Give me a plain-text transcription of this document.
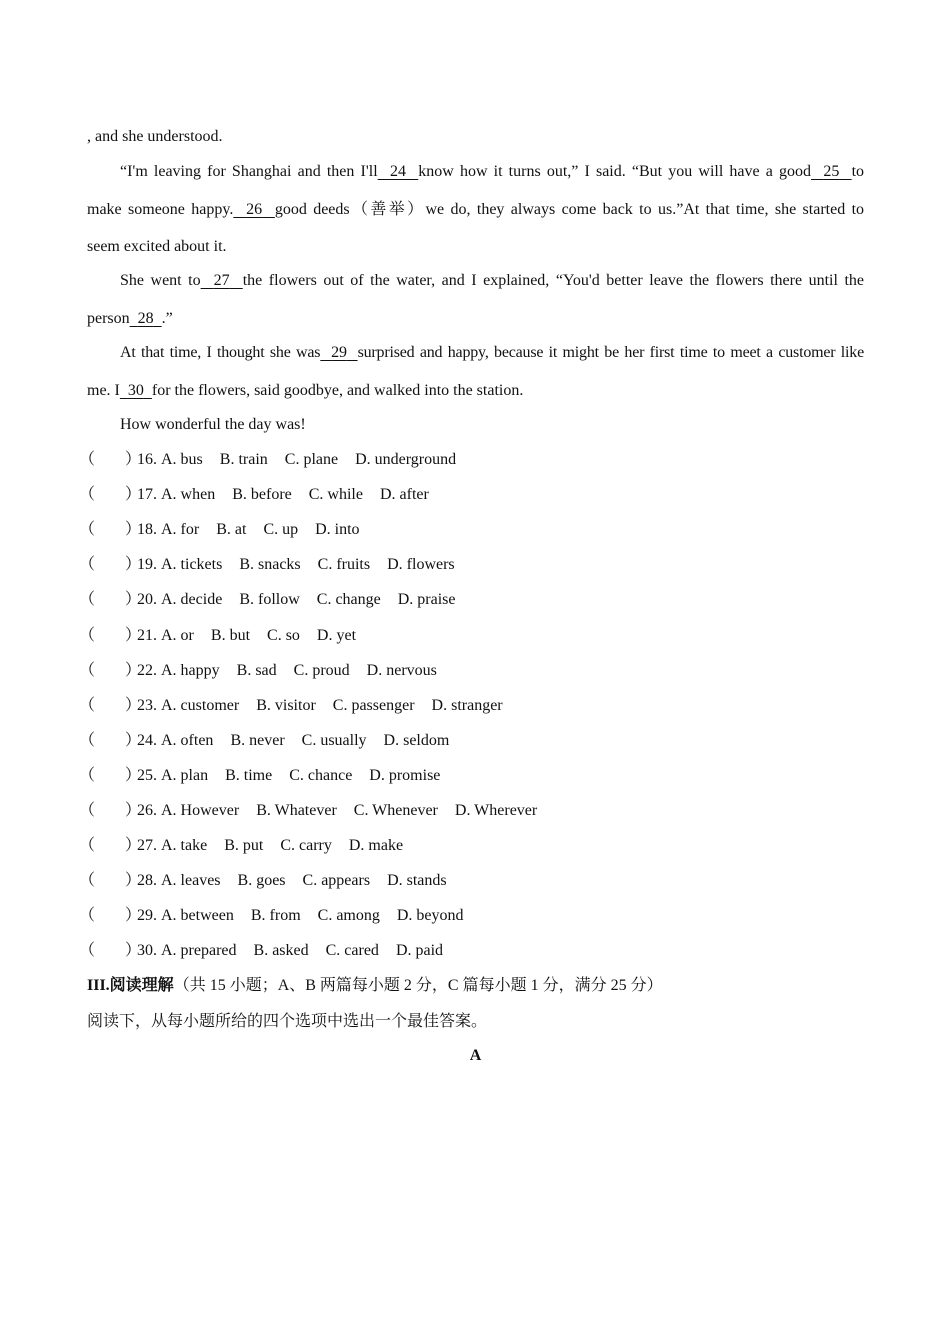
, and she understood.
“I'm leaving for Shanghai and then I'll 24 know how it turns out,” I said. “But you will have a good 25 to
make someone happy. 26 good deeds（善举）we do, they always come back to us.”At that time, she started to
seem excited about it.
She went to 27 the flowers out of the water, and I explained, “You'd better leave the flowers there until the
person 28 .”
At that time, I thought she was 29 surprised and happy, because it might be her first time to meet a customer like
me. I 30 for the flowers, said goodbye, and walked into the station.
How wonderful the day was!
（ ）16. A. bus B. train C. plane D. underground
（ ）17. A. when B. before C. while D. after
（ ）18. A. for B. at C. up D. into
（ ）19. A. tickets B. snacks C. fruits D. flowers
（ ）20. A. decide B. follow C. change D. praise
（ ）21. A. or B. but C. so D. yet
（ ）22. A. happy B. sad C. proud D. nervous
（ ）23. A. customer B. visitor C. passenger D. stranger
（ ）24. A. often B. never C. usually D. seldom
（ ）25. A. plan B. time C. chance D. promise
（ ）26. A. However B. Whatever C. Whenever D. Wherever
（ ）27. A. take B. put C. carry D. make
（ ）28. A. leaves B. goes C. appears D. stands
（ ）29. A. between B. from C. among D. beyond
（ ）30. A. prepared B. asked C. cared D. paid
III.阅读理解（共 15 小题；A、B 两篇每小题 2 分，C 篇每小题 1 分，满分 25 分）
阅读下，从每小题所给的四个选项中选出一个最佳答案。
A
